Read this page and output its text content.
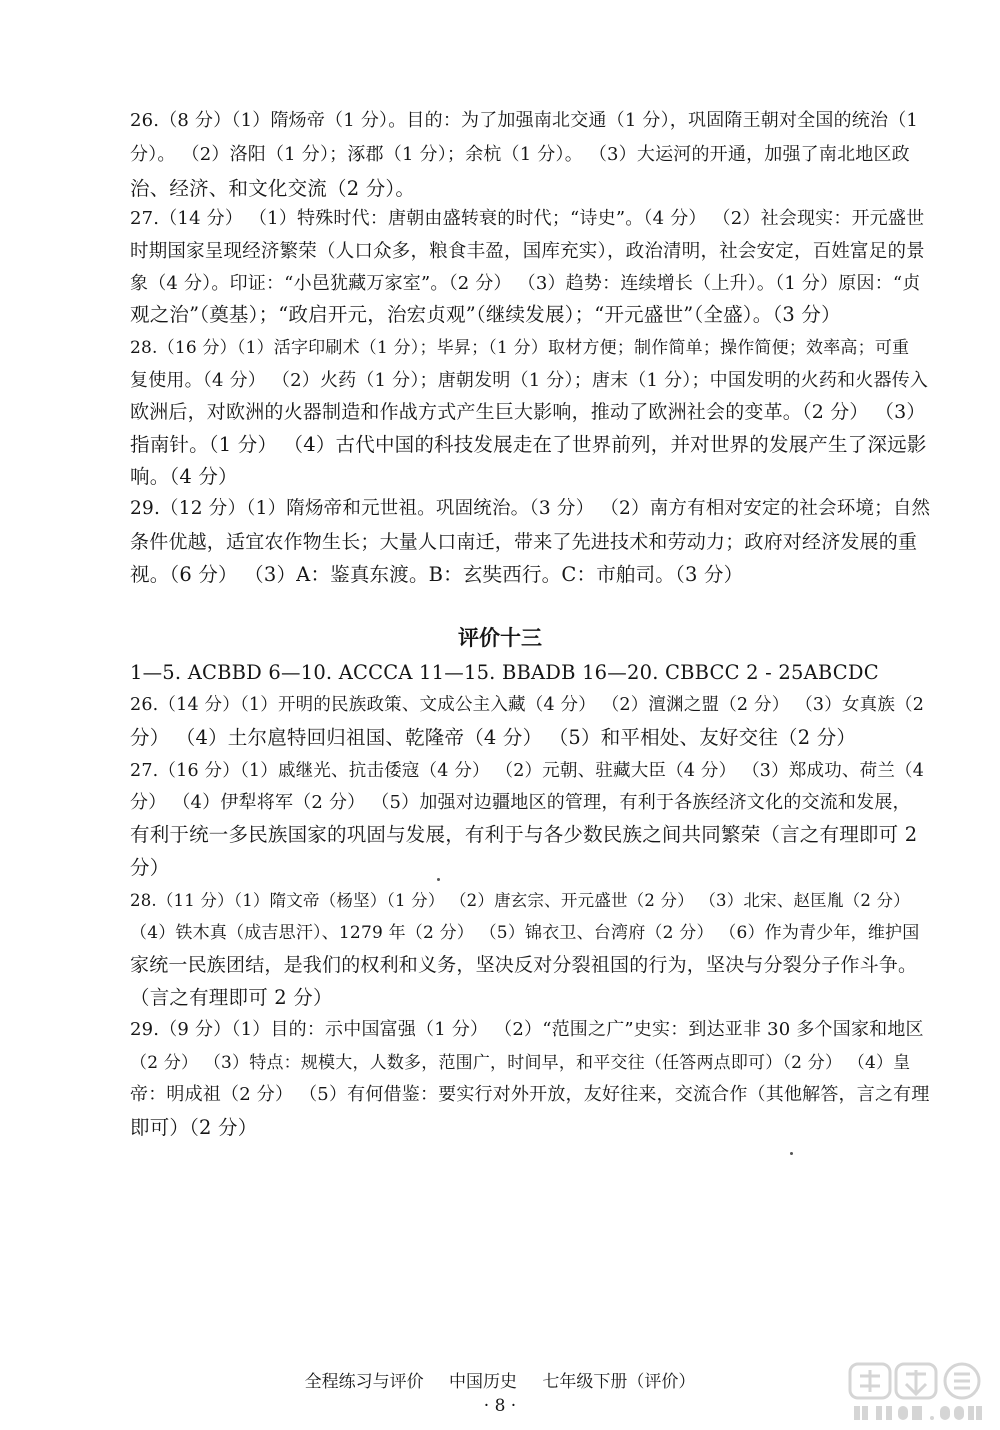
26.（8 分）（1）隋炀帝（1 分）。目的：为了加强南北交通（1 分），巩固隋王朝对全国的统治（1
分）。 （2）洛阳（1 分）；涿郡（1 分）；余杭（1 分）。 （3）大运河的开通，加强了南北地区政
治、经济、和文化交流（2 分）。
27.（14 分） （1）特殊时代：唐朝由盛转衰的时代；“诗史”。（4 分） （2）社会现实：开元盛世
时期国家呈现经济繁荣（人口众多，粮食丰盈，国库充实），政治清明，社会安定，百姓富足的景
象（4 分）。印证：“小邑犹藏万家室”。（2 分） （3）趋势：连续增长（上升）。（1 分）原因：“贞
观之治”（奠基）；“政启开元，治宏贞观”（继续发展）；“开元盛世”（全盛）。（3 分）
28.（16 分）（1）活字印刷术（1 分）；毕昇；（1 分）取材方便；制作简单；操作简便；效率高；可重
复使用。（4 分） （2）火药（1 分）；唐朝发明（1 分）；唐末（1 分）；中国发明的火药和火器传入
欧洲后，对欧洲的火器制造和作战方式产生巨大影响，推动了欧洲社会的变革。（2 分） （3）
指南针。（1 分） （4）古代中国的科技发展走在了世界前列，并对世界的发展产生了深远影
响。（4 分）
29.（12 分）（1）隋炀帝和元世祖。巩固统治。（3 分） （2）南方有相对安定的社会环境；自然
条件优越，适宜农作物生长；大量人口南迁，带来了先进技术和劳动力；政府对经济发展的重
视。（6 分） （3）A：鉴真东渡。B：玄奘西行。C：市舶司。（3 分）
评价十三
1—5. ACBBD 6—10. ACCCA 11—15. BBADB 16—20. CBBCC 2 - 25ABCDC
26.（14 分）（1）开明的民族政策、文成公主入藏（4 分） （2）澶渊之盟（2 分） （3）女真族（2
分） （4）土尔扈特回归祖国、乾隆帝（4 分） （5）和平相处、友好交往（2 分）
27.（16 分）（1）戚继光、抗击倭寇（4 分） （2）元朝、驻藏大臣（4 分） （3）郑成功、荷兰（4
分） （4）伊犁将军（2 分） （5）加强对边疆地区的管理，有利于各族经济文化的交流和发展，
有利于统一多民族国家的巩固与发展，有利于与各少数民族之间共同繁荣（言之有理即可 2
分）
28.（11 分）（1）隋文帝（杨坚）（1 分） （2）唐玄宗、开元盛世（2 分） （3）北宋、赵匡胤（2 分）
（4）铁木真（成吉思汗）、1279 年（2 分） （5）锦衣卫、台湾府（2 分） （6）作为青少年，维护国
家统一民族团结，是我们的权利和义务，坚决反对分裂祖国的行为，坚决与分裂分子作斗争。
（言之有理即可 2 分）
29.（9 分）（1）目的：示中国富强（1 分） （2）“范围之广”史实：到达亚非 30 多个国家和地区
（2 分） （3）特点：规模大，人数多，范围广，时间早，和平交往（任答两点即可）（2 分） （4）皇
帝：明成祖（2 分） （5）有何借鉴：要实行对外开放，友好往来，交流合作（其他解答，言之有理
即可）（2 分）
全程练习与评价 中国历史 七年级下册（评价）
· 8 ·
